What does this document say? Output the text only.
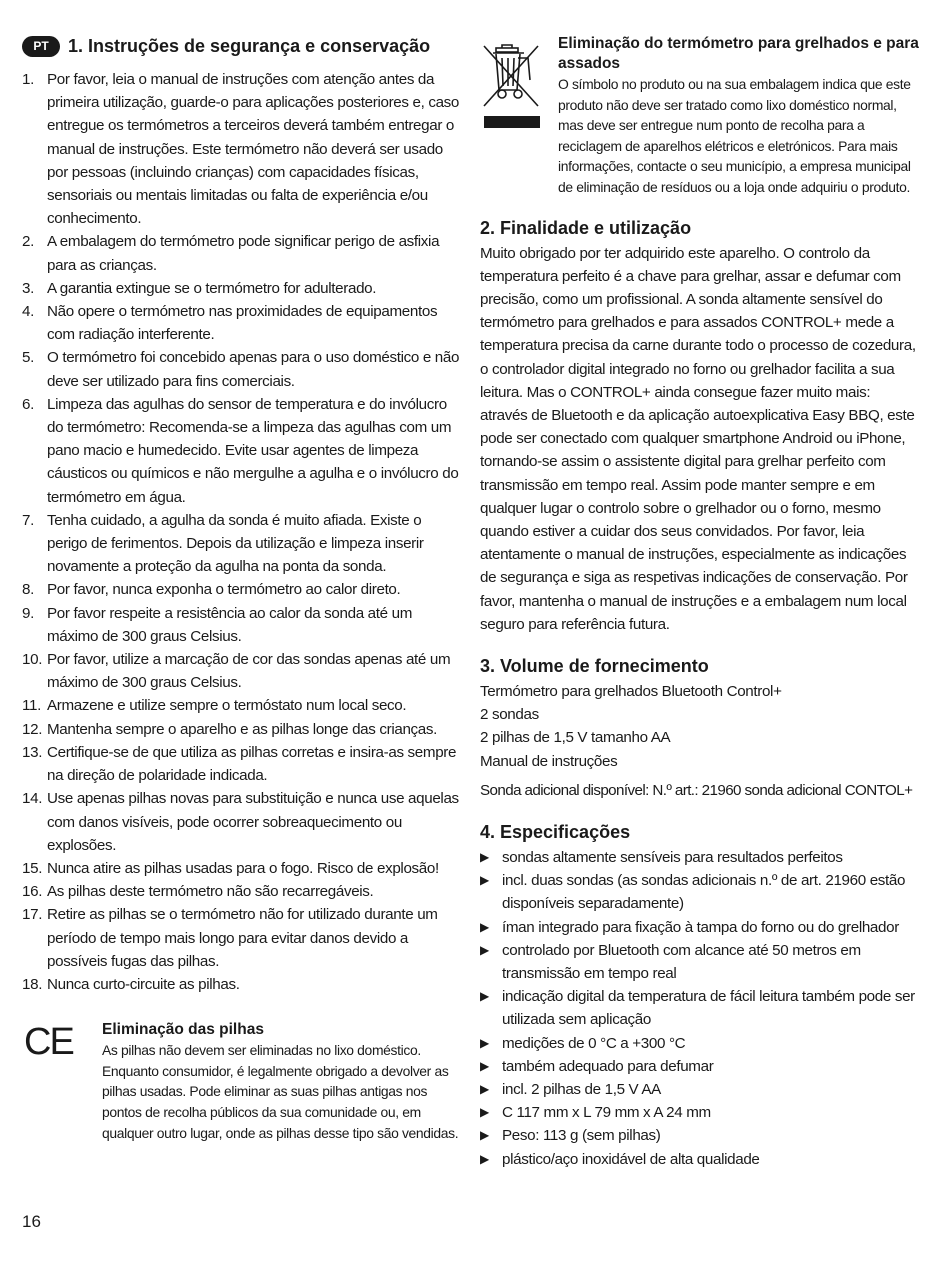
PT	1. Instruções de segurança e conservação
1. Por favor, leia o manual de instruções com atenção antes da primeira utilização, guarde-o para aplicações posteriores e, caso entregue os termómetros a terceiros deverá também entregar o manual de instruções. Este termómetro não deverá ser usado por pessoas (incluindo crianças) com capacidades físicas, sensoriais ou mentais limitadas ou falta de experiência e/ou conhecimento.
2. A embalagem do termómetro pode significar perigo de asfixia para as crianças.
3. A garantia extingue se o termómetro for adulterado.
4. Não opere o termómetro nas proximidades de equipamentos com radiação interferente.
5. O termómetro foi concebido apenas para o uso doméstico e não deve ser utilizado para fins comerciais.
6. Limpeza das agulhas do sensor de temperatura e do invólucro do termómetro: Recomenda-se a limpeza das agulhas com um pano macio e humedecido. Evite usar agentes de limpeza cáusticos ou químicos e não mergulhe a agulha e o invólucro do termómetro em água.
7. Tenha cuidado, a agulha da sonda é muito afiada. Existe o perigo de ferimentos. Depois da utilização e limpeza inserir novamente a proteção da agulha na ponta da sonda.
8. Por favor, nunca exponha o termómetro ao calor direto.
9. Por favor respeite a resistência ao calor da sonda até um máximo de 300 graus Celsius.
10. Por favor, utilize a marcação de cor das sondas apenas até um máximo de 300 graus Celsius.
11. Armazene e utilize sempre o termóstato num local seco.
12. Mantenha sempre o aparelho e as pilhas longe das crianças.
13. Certifique-se de que utiliza as pilhas corretas e insira-as sempre na direção de polaridade indicada.
14. Use apenas pilhas novas para substituição e nunca use aquelas com danos visíveis, pode ocorrer sobreaquecimento ou explosões.
15. Nunca atire as pilhas usadas para o fogo. Risco de explosão!
16. As pilhas deste termómetro não são recarregáveis.
17. Retire as pilhas se o termómetro não for utilizado durante um período de tempo mais longo para evitar danos devido a possíveis fugas das pilhas.
18. Nunca curto-circuite as pilhas.
CE	Eliminação das pilhas
As pilhas não devem ser eliminadas no lixo doméstico. Enquanto consumidor, é legalmente obrigado a devolver as pilhas usadas. Pode eliminar as suas pilhas antigas nos pontos de recolha públicos da sua comunidade ou, em qualquer outro lugar, onde as pilhas desse tipo são vendidas.
Eliminação do termómetro para grelhados e para assados
O símbolo no produto ou na sua embalagem indica que este produto não deve ser tratado como lixo doméstico normal, mas deve ser entregue num ponto de recolha para a reciclagem de aparelhos elétricos e eletrónicos. Para mais informações, contacte o seu município, a empresa municipal de eliminação de resíduos ou a loja onde adquiriu o produto.
2. Finalidade e utilização
Muito obrigado por ter adquirido este aparelho. O controlo da temperatura perfeito é a chave para grelhar, assar e defumar com precisão, como um profissional. A sonda altamente sensível do termómetro para grelhados e para assados CONTROL+ mede a temperatura precisa da carne durante todo o processo de cozedura, o controlador digital integrado no forno ou grelhador facilita a sua leitura. Mas o CONTROL+ ainda consegue fazer muito mais: através de Bluetooth e da aplicação autoexplicativa Easy BBQ, este pode ser conectado com qualquer smartphone Android ou iPhone, tornando-se assim o assistente digital para grelhar perfeito com transmissão em tempo real. Assim pode manter sempre e em qualquer lugar o controlo sobre o grelhador ou o forno, mesmo quando estiver a cuidar dos seus convidados. Por favor, leia atentamente o manual de instruções, especialmente as indicações de segurança e siga as respetivas indicações de conservação. Por favor, mantenha o manual de instruções e a embalagem num local seguro para referência futura.
3. Volume de fornecimento
Termómetro para grelhados Bluetooth Control+
2 sondas
2 pilhas de 1,5 V tamanho AA
Manual de instruções
Sonda adicional disponível: N.º art.: 21960 sonda adicional CONTOL+
4. Especificações
▶ sondas altamente sensíveis para resultados perfeitos
▶ incl. duas sondas (as sondas adicionais n.º de art. 21960 estão disponíveis separadamente)
▶ íman integrado para fixação à tampa do forno ou do grelhador
▶ controlado por Bluetooth com alcance até 50 metros em transmissão em tempo real
▶ indicação digital da temperatura de fácil leitura também pode ser utilizada sem aplicação
▶ medições de 0 °C a +300 °C
▶ também adequado para defumar
▶ incl. 2 pilhas de 1,5 V AA
▶ C 117 mm x L 79 mm x A 24 mm
▶ Peso: 113 g (sem pilhas)
▶ plástico/aço inoxidável de alta qualidade
16
